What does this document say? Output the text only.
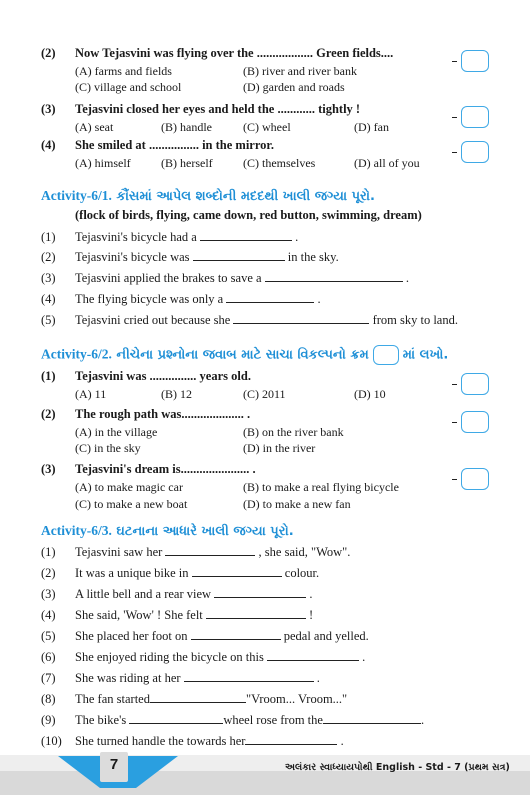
(2) Now Tejasvini was flying over the .................. Green fields....
(A) farms and fields	(B) river and river bank
(C) village and school	(D) garden and roads
(3) Tejasvini closed her eyes and held the ............ tightly !
(A) seat	(B) handle	(C) wheel	(D) fan
(4) She smiled at ................ in the mirror.
(A) himself	(B) herself	(C) themselves	(D) all of you
Activity-6/1. કૌંસમાં આપેલ શબ્દોની મદદથી ખાલી જગ્યા પૂરો.
(flock of birds, flying, came down, red button, swimming, dream)
(1) Tejasvini's bicycle had a	.
(2) Tejasvini's bicycle was	in the sky.
(3) Tejasvini applied the brakes to save a	.
(4) The flying bicycle was only a	.
(5) Tejasvini cried out because she	from sky to land.
Activity-6/2. નીચેના પ્રશ્નોના જવાબ માટે સાચા વિકલ્પનો ક્રમ	માં લખો.
(1) Tejasvini was ............... years old.
(A) 11	(B) 12	(C) 2011	(D) 10
(2) The rough path was.................... .
(A) in the village	(B) on the river bank
(C) in the sky	(D) in the river
(3) Tejasvini's dream is...................... .
(A) to make magic car	(B) to make a real flying bicycle
(C) to make a new boat	(D) to make a new fan
Activity-6/3. ઘટનાના આધારે ખાલી જગ્યા પૂરો.
(1) Tejasvini saw her	, she said, "Wow".
(2) It was a unique bike in	colour.
(3) A little bell and a rear view	.
(4) She said, 'Wow' ! She felt	!
(5) She placed her foot on	pedal and yelled.
(6) She enjoyed riding the bicycle on this	.
(7) She was riding at her	.
(8) The fan started	"Vroom... Vroom..."
(9) The bike's	wheel rose from the	.
(10) She turned handle the towards her	.
7	અલંકાર સ્વાધ્યાયપોથી English - Std - 7 (પ્રથમ સત્ર)
